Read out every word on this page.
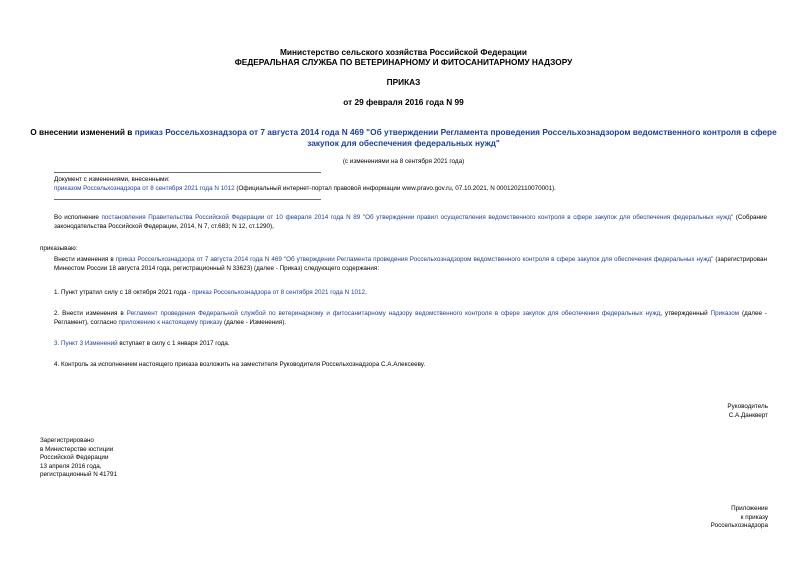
Министерство сельского хозяйства Российской Федерации
ФЕДЕРАЛЬНАЯ СЛУЖБА ПО ВЕТЕРИНАРНОМУ И ФИТОСАНИТАРНОМУ НАДЗОРУ
ПРИКАЗ
от 29 февраля 2016 года N 99
О внесении изменений в приказ Россельхознадзора от 7 августа 2014 года N 469 "Об утверждении Регламента проведения Россельхознадзором ведомственного контроля в сфере закупок для обеспечения федеральных нужд"
(с изменениями на 8 сентября 2021 года)
Документ с изменениями, внесенными:
приказом Россельхознадзора от 8 сентября 2021 года N 1012 (Официальный интернет-портал правовой информации www.pravo.gov.ru, 07.10.2021, N 0001202110070001).
Во исполнение постановления Правительства Российской Федерации от 10 февраля 2014 года N 89 "Об утверждении правил осуществления ведомственного контроля в сфере закупок для обеспечения федеральных нужд" (Собрание законодательства Российской Федерации, 2014, N 7, ст.683; N 12, ст.1290),
приказываю:
Внести изменения в приказ Россельхознадзора от 7 августа 2014 года N 469 "Об утверждении Регламента проведения Россельхознадзором ведомственного контроля в сфере закупок для обеспечения федеральных нужд" (зарегистрирован Минюстом России 18 августа 2014 года, регистрационный N 33623) (далее - Приказ) следующего содержания:
1. Пункт утратил силу с 18 октября 2021 года - приказ Россельхознадзора от 8 сентября 2021 года N 1012.
2. Внести изменения в Регламент проведения Федеральной службой по ветеринарному и фитосанитарному надзору ведомственного контроля в сфере закупок для обеспечения федеральных нужд, утвержденный Приказом (далее - Регламент), согласно приложению к настоящему приказу (далее - Изменения).
3. Пункт 3 Изменений вступает в силу с 1 января 2017 года.
4. Контроль за исполнением настоящего приказа возложить на заместителя Руководителя Россельхознадзора С.А.Алексееву.
Руководитель
С.А.Данкверт
Зарегистрировано
в Министерстве юстиции
Российской Федерации
13 апреля 2016 года,
регистрационный N 41791
Приложение
к приказу
Россельхознадзора
